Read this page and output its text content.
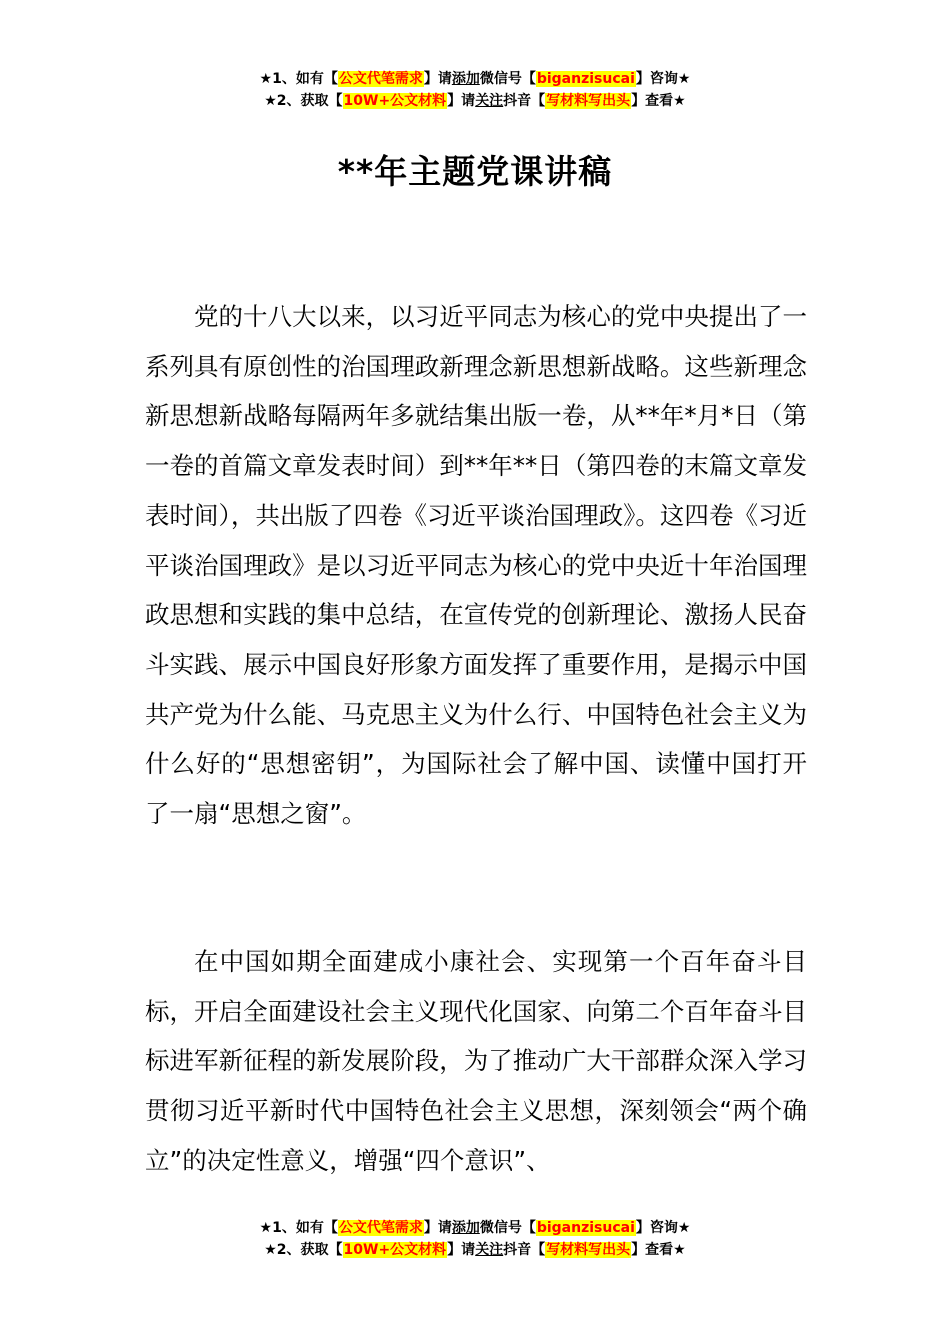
★1、如有【公文代笔需求】请添加微信号【biganzisucai】咨询★
★2、获取【10W+公文材料】请关注抖音【写材料写出头】查看★
**年主题党课讲稿

党的十八大以来，以习近平同志为核心的党中央提出了一系列具有原创性的治国理政新理念新思想新战略。这些新理念新思想新战略每隔两年多就结集出版一卷，从**年*月*日（第一卷的首篇文章发表时间）到**年**日（第四卷的末篇文章发表时间），共出版了四卷《习近平谈治国理政》。这四卷《习近平谈治国理政》是以习近平同志为核心的党中央近十年治国理政思想和实践的集中总结，在宣传党的创新理论、激扬人民奋斗实践、展示中国良好形象方面发挥了重要作用，是揭示中国共产党为什么能、马克思主义为什么行、中国特色社会主义为什么好的“思想密钥”，为国际社会了解中国、读懂中国打开了一扇“思想之窗”。

在中国如期全面建成小康社会、实现第一个百年奋斗目标，开启全面建设社会主义现代化国家、向第二个百年奋斗目标进军新征程的新发展阶段，为了推动广大干部群众深入学习贯彻习近平新时代中国特色社会主义思想，深刻领会“两个确立”的决定性意义，增强“四个意识”、

★1、如有【公文代笔需求】请添加微信号【biganzisucai】咨询★
★2、获取【10W+公文材料】请关注抖音【写材料写出头】查看★
